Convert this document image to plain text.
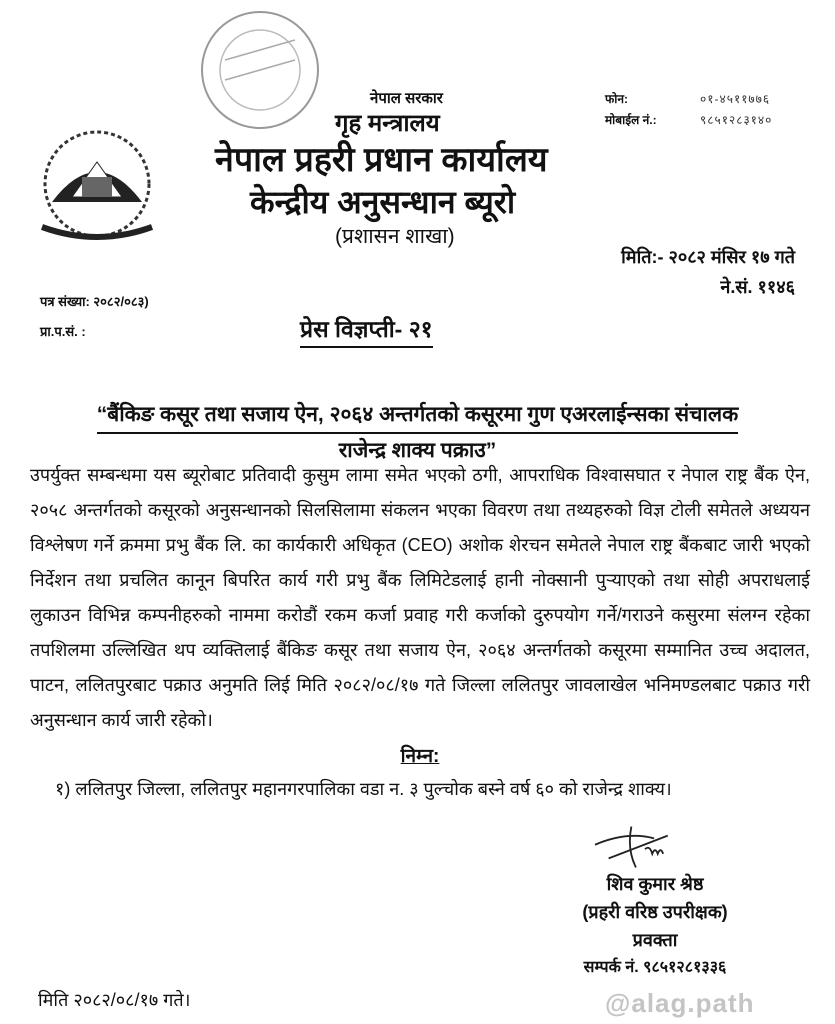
नेपाल सरकार
गृह मन्त्रालय
नेपाल प्रहरी प्रधान कार्यालय
केन्द्रीय अनुसन्धान ब्यूरो
(प्रशासन शाखा)
फोन:	०१-४५११७७६
मोबाईल नं.:	९८५१२८३१४०
मिति:- २०८२ मंसिर १७ गते
ने.सं. ११४६
पत्र संख्या: २०८२/०८३)
प्रा.प.सं. :	प्रेस विज्ञप्ती- २१
“बैंकिङ कसूर तथा सजाय ऐन, २०६४ अन्तर्गतको कसूरमा गुण एअरलाईन्सका संचालक
राजेन्द्र शाक्य पक्राउ”
उपर्युक्त सम्बन्धमा यस ब्यूरोबाट प्रतिवादी कुसुम लामा समेत भएको ठगी, आपराधिक विश्वासघात र नेपाल राष्ट्र बैंक ऐन, २०५८ अन्तर्गतको कसूरको अनुसन्धानको सिलसिलामा संकलन भएका विवरण तथा तथ्यहरुको विज्ञ टोली समेतले अध्ययन विश्लेषण गर्ने क्रममा प्रभु बैंक लि. का कार्यकारी अधिकृत (CEO) अशोक शेरचन समेतले नेपाल राष्ट्र बैंकबाट जारी भएको निर्देशन तथा प्रचलित कानून बिपरित कार्य गरी प्रभु बैंक लिमिटेडलाई हानी नोक्सानी पुऱ्याएको तथा सोही अपराधलाई लुकाउन विभिन्न कम्पनीहरुको नाममा करोडौं रकम कर्जा प्रवाह गरी कर्जाको दुरुपयोग गर्ने/गराउने कसुरमा संलग्न रहेका तपशिलमा उल्लिखित थप व्यक्तिलाई बैंकिङ कसूर तथा सजाय ऐन, २०६४ अन्तर्गतको कसूरमा सम्मानित उच्च अदालत, पाटन, ललितपुरबाट पक्राउ अनुमति लिई मिति २०८२/०८/१७ गते जिल्ला ललितपुर जावलाखेल भनिमण्डलबाट पक्राउ गरी अनुसन्धान कार्य जारी रहेको।
निम्न:
१) ललितपुर जिल्ला, ललितपुर महानगरपालिका वडा न. ३ पुल्चोक बस्ने वर्ष ६० को राजेन्द्र शाक्य।
शिव कुमार श्रेष्ठ
(प्रहरी वरिष्ठ उपरीक्षक)
प्रवक्ता
सम्पर्क नं. ९८५१२८१३३६
मिति २०८२/०८/१७ गते।	@alag.path
